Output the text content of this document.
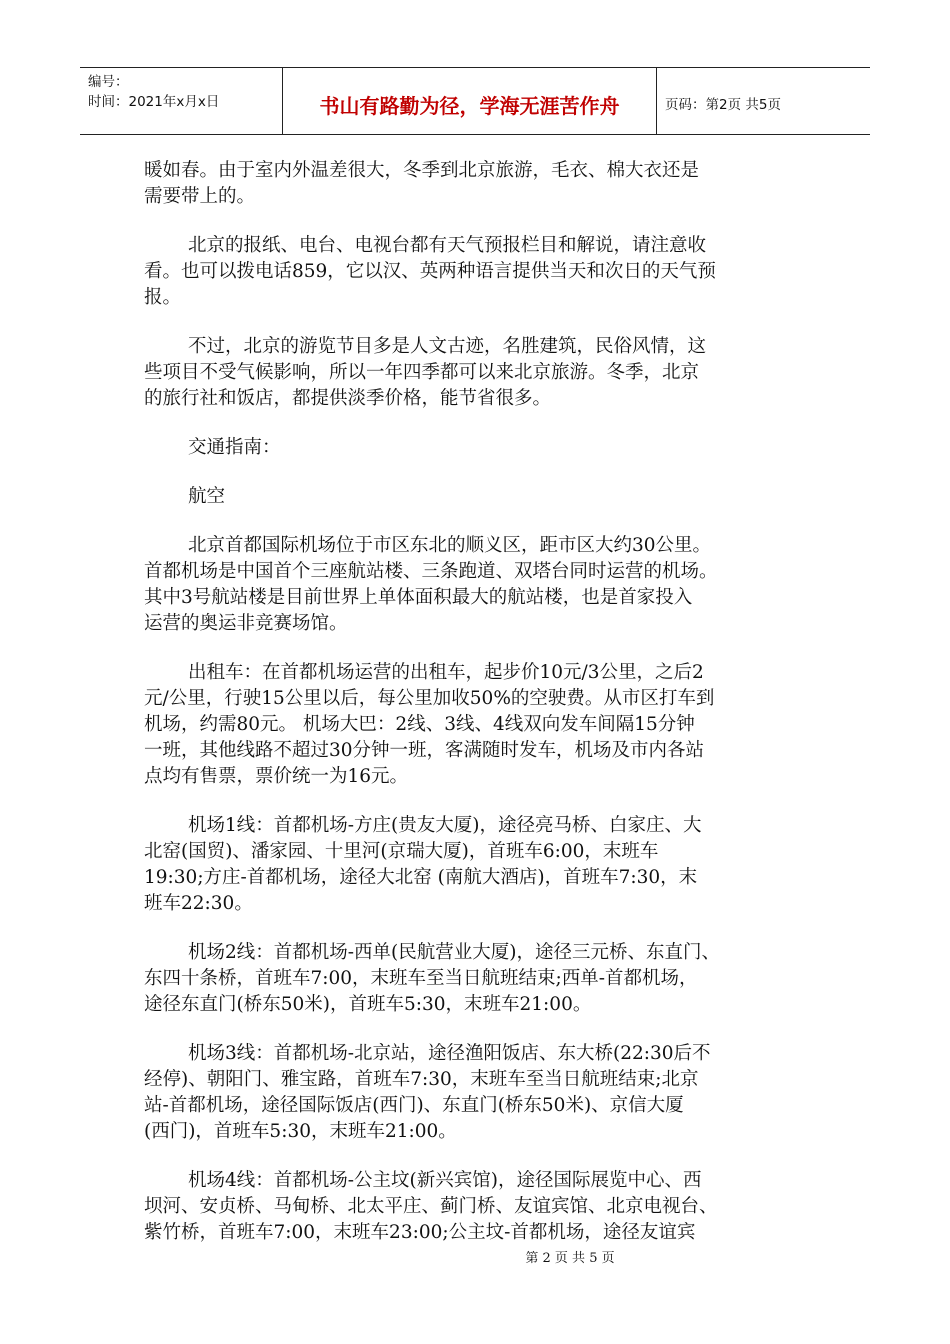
编号：
时间：2021年x月x日	书山有路勤为径，学海无涯苦作舟	页码：第2页 共5页

暖如春。由于室内外温差很大，冬季到北京旅游，毛衣、棉大衣还是
需要带上的。

北京的报纸、电台、电视台都有天气预报栏目和解说，请注意收
看。也可以拨电话859，它以汉、英两种语言提供当天和次日的天气预
报。

不过，北京的游览节目多是人文古迹，名胜建筑，民俗风情，这
些项目不受气候影响，所以一年四季都可以来北京旅游。冬季，北京
的旅行社和饭店，都提供淡季价格，能节省很多。

交通指南：

航空

北京首都国际机场位于市区东北的顺义区，距市区大约30公里。
首都机场是中国首个三座航站楼、三条跑道、双塔台同时运营的机场。
其中3号航站楼是目前世界上单体面积最大的航站楼，也是首家投入
运营的奥运非竞赛场馆。

出租车：在首都机场运营的出租车，起步价10元/3公里，之后2
元/公里，行驶15公里以后，每公里加收50%的空驶费。从市区打车到
机场，约需80元。 机场大巴：2线、3线、4线双向发车间隔15分钟
一班，其他线路不超过30分钟一班，客满随时发车，机场及市内各站
点均有售票，票价统一为16元。

机场1线：首都机场-方庄(贵友大厦)，途径亮马桥、白家庄、大
北窑(国贸)、潘家园、十里河(京瑞大厦)，首班车6:00，末班车
19:30;方庄-首都机场，途径大北窑 (南航大酒店)，首班车7:30，末
班车22:30。

机场2线：首都机场-西单(民航营业大厦)，途径三元桥、东直门、
东四十条桥，首班车7:00，末班车至当日航班结束;西单-首都机场，
途径东直门(桥东50米)，首班车5:30，末班车21:00。

机场3线：首都机场-北京站，途径渔阳饭店、东大桥(22:30后不
经停)、朝阳门、雅宝路，首班车7:30，末班车至当日航班结束;北京
站-首都机场，途径国际饭店(西门)、东直门(桥东50米)、京信大厦
(西门)，首班车5:30，末班车21:00。

机场4线：首都机场-公主坟(新兴宾馆)，途径国际展览中心、西
坝河、安贞桥、马甸桥、北太平庄、蓟门桥、友谊宾馆、北京电视台、
紫竹桥，首班车7:00，末班车23:00;公主坟-首都机场，途径友谊宾

第 2 页 共 5 页
